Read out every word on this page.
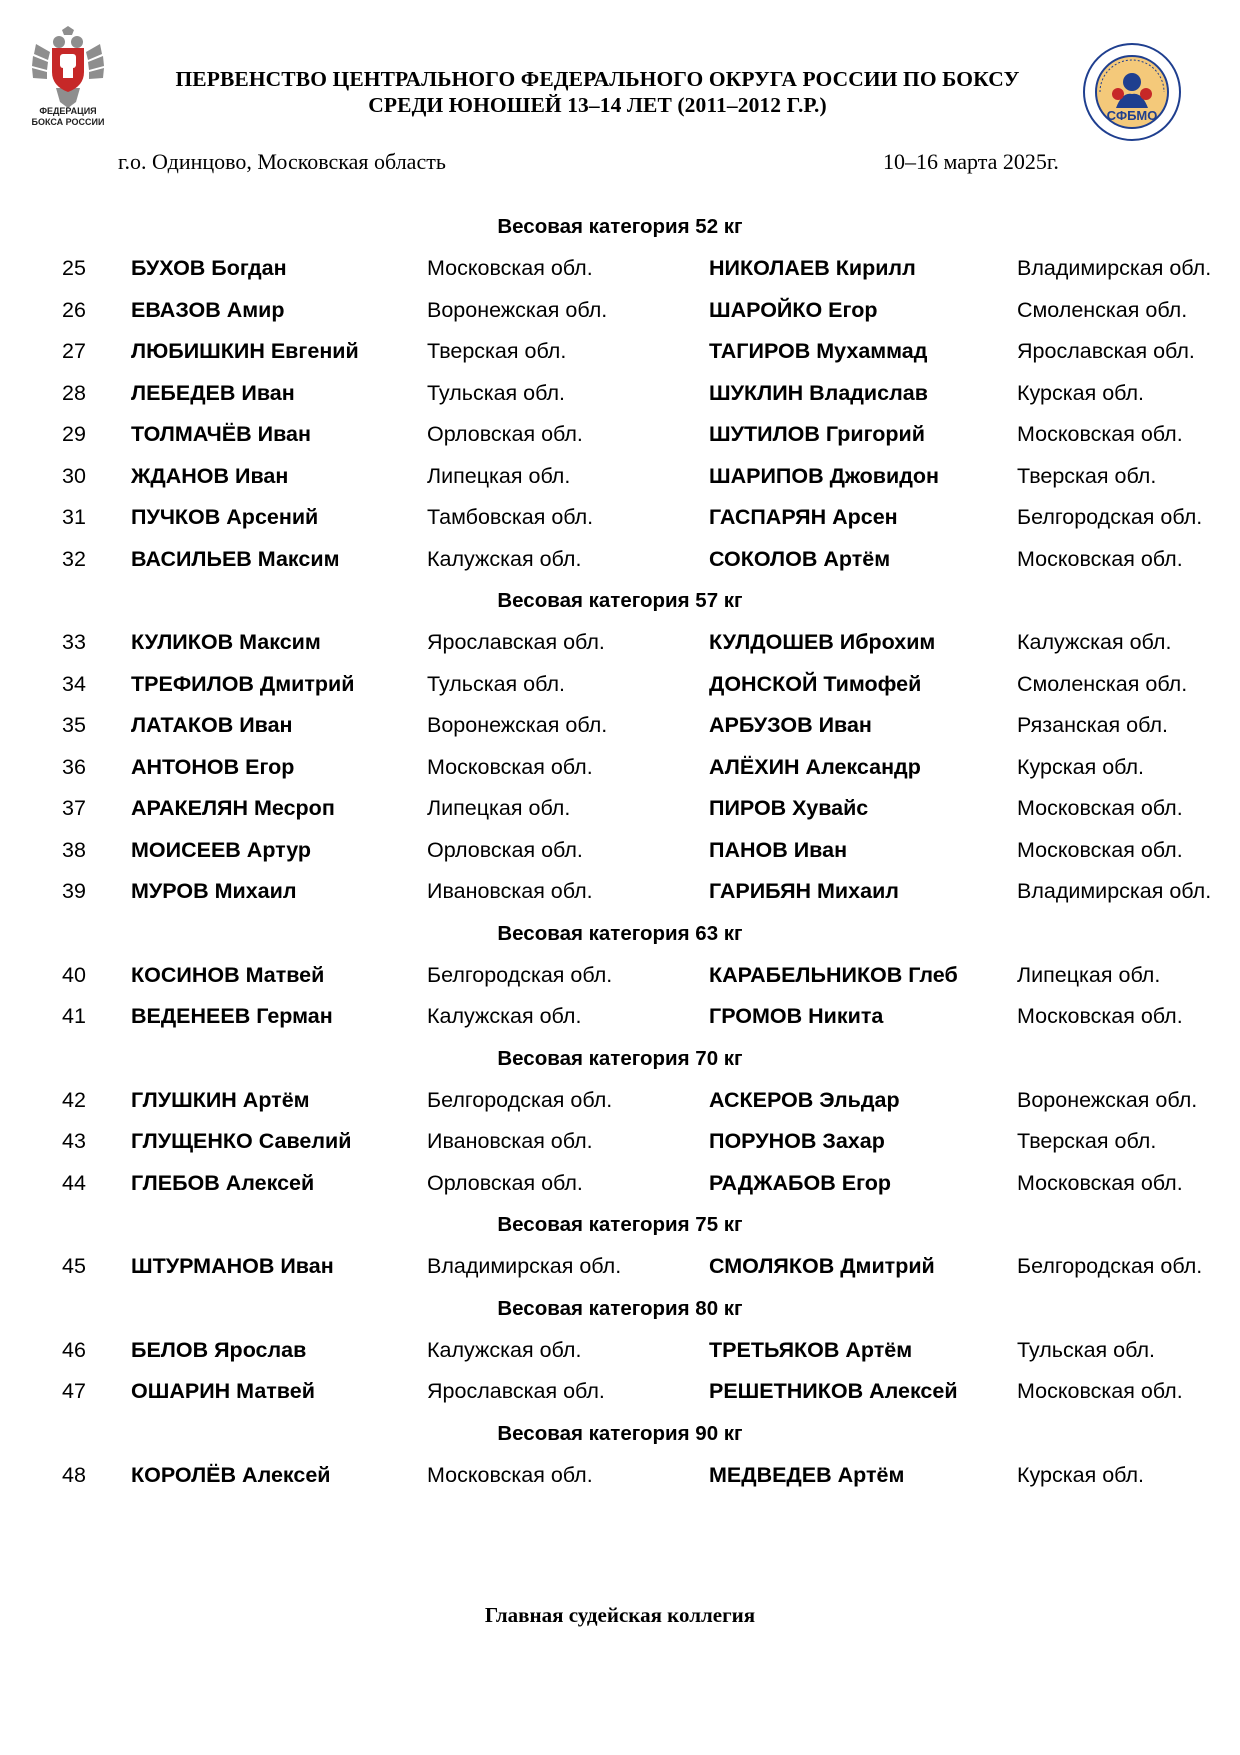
ФЕДЕРАЦИЯ
БОКСА РОССИИ	СФБМО
ПЕРВЕНСТВО ЦЕНТРАЛЬНОГО ФЕДЕРАЛЬНОГО ОКРУГА РОССИИ ПО БОКСУ
СРЕДИ ЮНОШЕЙ 13–14 ЛЕТ (2011–2012 Г.Р.)
г.о. Одинцово, Московская область	10–16 марта 2025г.
Весовая категория 52 кг
25 БУХОВ Богдан	Московская обл.	НИКОЛАЕВ Кирилл	Владимирская обл.
26 ЕВАЗОВ Амир	Воронежская обл.	ШАРОЙКО Егор	Смоленская обл.
27 ЛЮБИШКИН Евгений	Тверская обл.	ТАГИРОВ Мухаммад	Ярославская обл.
28 ЛЕБЕДЕВ Иван	Тульская обл.	ШУКЛИН Владислав	Курская обл.
29 ТОЛМАЧЁВ Иван	Орловская обл.	ШУТИЛОВ Григорий	Московская обл.
30 ЖДАНОВ Иван	Липецкая обл.	ШАРИПОВ Джовидон	Тверская обл.
31 ПУЧКОВ Арсений	Тамбовская обл.	ГАСПАРЯН Арсен	Белгородская обл.
32 ВАСИЛЬЕВ Максим	Калужская обл.	СОКОЛОВ Артём	Московская обл.
Весовая категория 57 кг
33 КУЛИКОВ Максим	Ярославская обл.	КУЛДОШЕВ Иброхим	Калужская обл.
34 ТРЕФИЛОВ Дмитрий	Тульская обл.	ДОНСКОЙ Тимофей	Смоленская обл.
35 ЛАТАКОВ Иван	Воронежская обл.	АРБУЗОВ Иван	Рязанская обл.
36 АНТОНОВ Егор	Московская обл.	АЛЁХИН Александр	Курская обл.
37 АРАКЕЛЯН Месроп	Липецкая обл.	ПИРОВ Хувайс	Московская обл.
38 МОИСЕЕВ Артур	Орловская обл.	ПАНОВ Иван	Московская обл.
39 МУРОВ Михаил	Ивановская обл.	ГАРИБЯН Михаил	Владимирская обл.
Весовая категория 63 кг
40 КОСИНОВ Матвей	Белгородская обл.	КАРАБЕЛЬНИКОВ Глеб	Липецкая обл.
41 ВЕДЕНЕЕВ Герман	Калужская обл.	ГРОМОВ Никита	Московская обл.
Весовая категория 70 кг
42 ГЛУШКИН Артём	Белгородская обл.	АСКЕРОВ Эльдар	Воронежская обл.
43 ГЛУЩЕНКО Савелий	Ивановская обл.	ПОРУНОВ Захар	Тверская обл.
44 ГЛЕБОВ Алексей	Орловская обл.	РАДЖАБОВ Егор	Московская обл.
Весовая категория 75 кг
45 ШТУРМАНОВ Иван	Владимирская обл.	СМОЛЯКОВ Дмитрий	Белгородская обл.
Весовая категория 80 кг
46 БЕЛОВ Ярослав	Калужская обл.	ТРЕТЬЯКОВ Артём	Тульская обл.
47 ОШАРИН Матвей	Ярославская обл.	РЕШЕТНИКОВ Алексей	Московская обл.
Весовая категория 90 кг
48 КОРОЛЁВ Алексей	Московская обл.	МЕДВЕДЕВ Артём	Курская обл.
Главная судейская коллегия
